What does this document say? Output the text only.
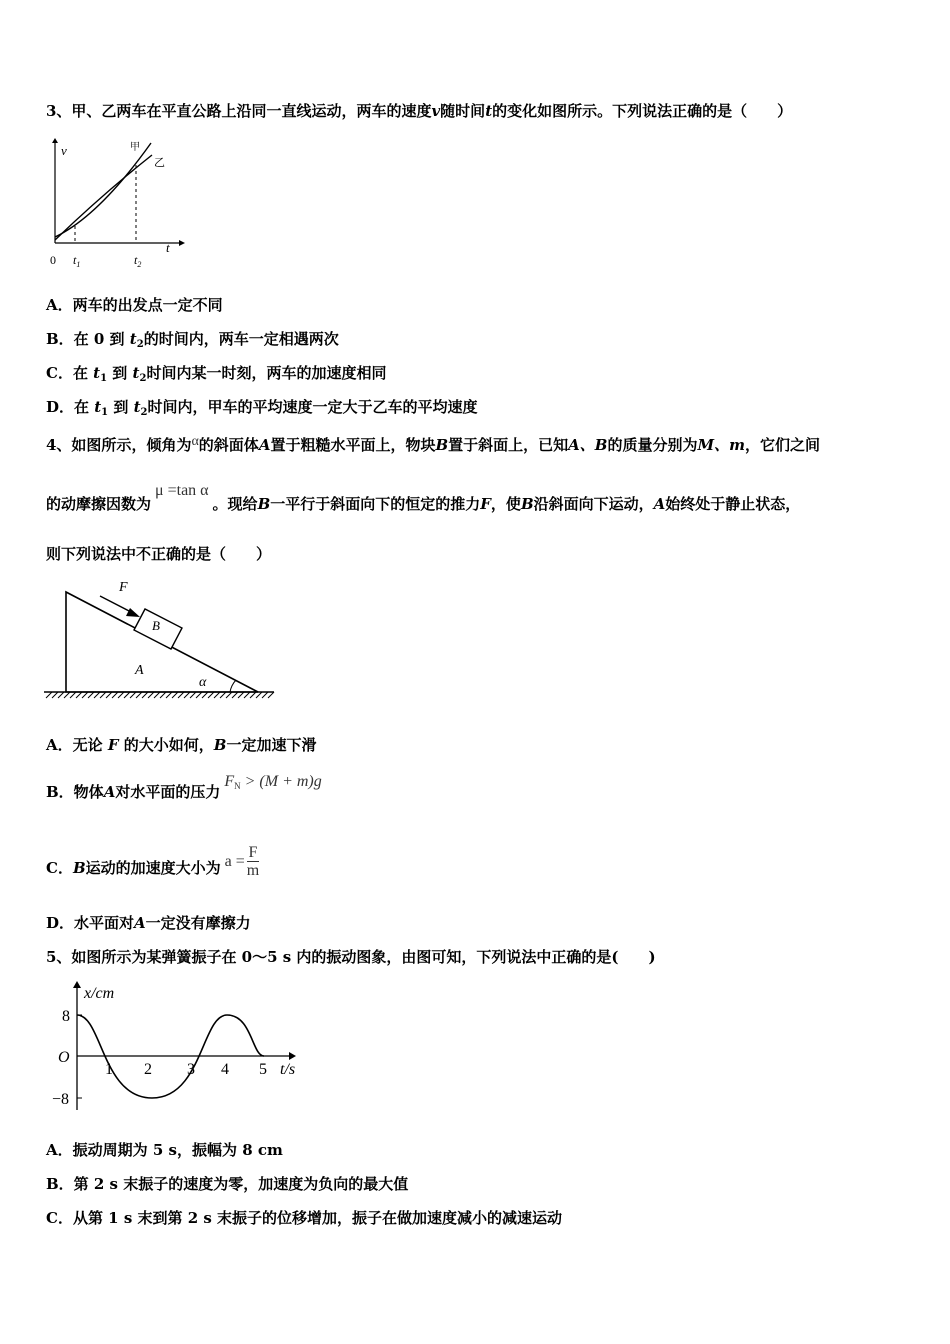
3、甲、乙两车在平直公路上沿同一直线运动，两车的速度v随时间t的变化如图所示。下列说法正确的是（　　）
v
t
0 $t_1$	$t_2$
甲
乙
A．两车的出发点一定不同
B．在 0 到 $t_2$的时间内，两车一定相遇两次
C．在 $t_1$ 到 $t_2$时间内某一时刻，两车的加速度相同
D．在 $t_1$ 到 $t_2$时间内，甲车的平均速度一定大于乙车的平均速度
4、如图所示，倾角为α的斜面体A置于粗糙水平面上，物块B置于斜面上，已知A、B的质量分别为M、m，它们之间
的动摩擦因数为μ =tan α。现给B一平行于斜面向下的恒定的推力F，使B沿斜面向下运动，A始终处于静止状态，
则下列说法中不正确的是（　　）
F
B
A
α
A．无论 F 的大小如何，B一定加速下滑
B．物体A对水平面的压力$F_N > (M + m)g$
C．B运动的加速度大小为 $a = \frac{F}{m}$
D．水平面对A一定没有摩擦力
5、如图所示为某弹簧振子在 0～5 s 内的振动图象，由图可知，下列说法中正确的是(　　)
x/cm
t/s
O
8
−8
1 2 3 4 5
A．振动周期为 5 s，振幅为 8 cm
B．第 2 s 末振子的速度为零，加速度为负向的最大值
C．从第 1 s 末到第 2 s 末振子的位移增加，振子在做加速度减小的减速运动
